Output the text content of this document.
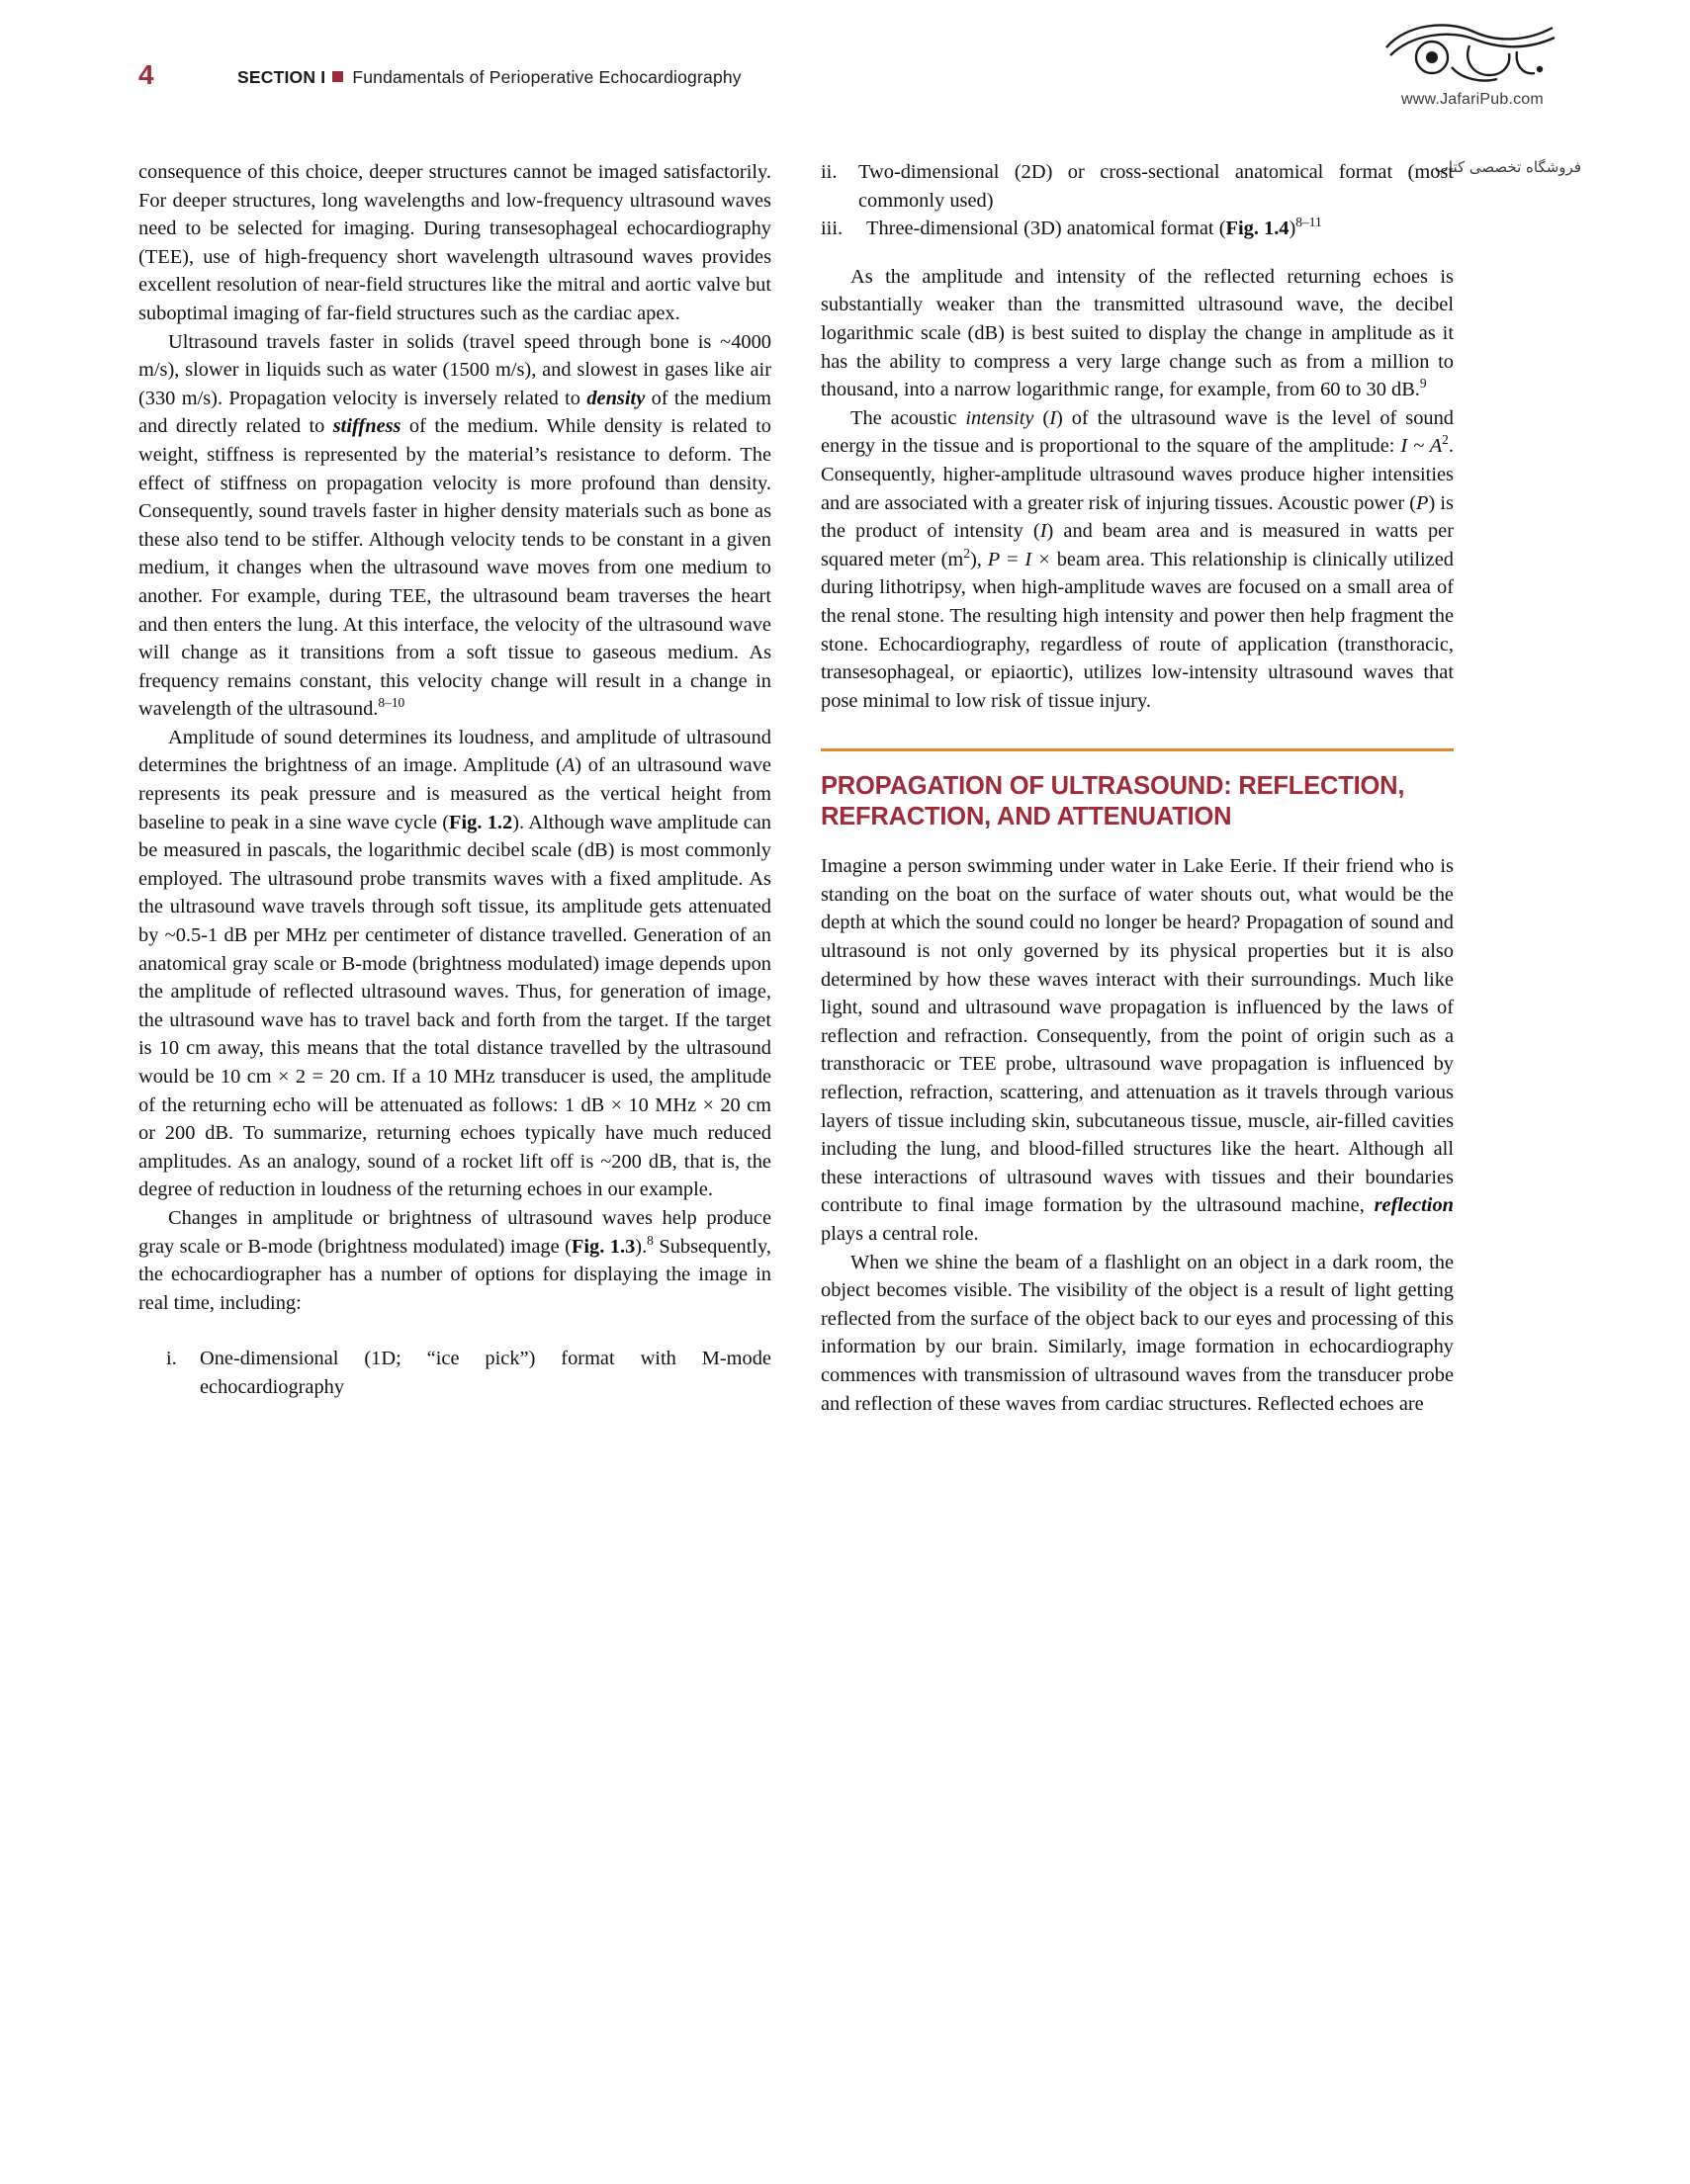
4	SECTION I Fundamentals of Perioperative Echocardiography
www.JafariPub.com
فروشگاه تخصصی کتاب

consequence of this choice, deeper structures cannot be imaged satisfactorily. For deeper structures, long wavelengths and low-frequency ultrasound waves need to be selected for imaging. During transesophageal echocardiography (TEE), use of high-frequency short wavelength ultrasound waves provides excellent resolution of near-field structures like the mitral and aortic valve but suboptimal imaging of far-field structures such as the cardiac apex.

Ultrasound travels faster in solids (travel speed through bone is ~4000 m/s), slower in liquids such as water (1500 m/s), and slowest in gases like air (330 m/s). Propagation velocity is inversely related to density of the medium and directly related to stiffness of the medium. While density is related to weight, stiffness is represented by the material’s resistance to deform. The effect of stiffness on propagation velocity is more profound than density. Consequently, sound travels faster in higher density materials such as bone as these also tend to be stiffer. Although velocity tends to be constant in a given medium, it changes when the ultrasound wave moves from one medium to another. For example, during TEE, the ultrasound beam traverses the heart and then enters the lung. At this interface, the velocity of the ultrasound wave will change as it transitions from a soft tissue to gaseous medium. As frequency remains constant, this velocity change will result in a change in wavelength of the ultrasound.$^{8-10}$

Amplitude of sound determines its loudness, and amplitude of ultrasound determines the brightness of an image. Amplitude (A) of an ultrasound wave represents its peak pressure and is measured as the vertical height from baseline to peak in a sine wave cycle (Fig. 1.2). Although wave amplitude can be measured in pascals, the logarithmic decibel scale (dB) is most commonly employed. The ultrasound probe transmits waves with a fixed amplitude. As the ultrasound wave travels through soft tissue, its amplitude gets attenuated by ~0.5-1 dB per MHz per centimeter of distance travelled. Generation of an anatomical gray scale or B-mode (brightness modulated) image depends upon the amplitude of reflected ultrasound waves. Thus, for generation of image, the ultrasound wave has to travel back and forth from the target. If the target is 10 cm away, this means that the total distance travelled by the ultrasound would be 10 cm × 2 = 20 cm. If a 10 MHz transducer is used, the amplitude of the returning echo will be attenuated as follows: 1 dB × 10 MHz × 20 cm or 200 dB. To summarize, returning echoes typically have much reduced amplitudes. As an analogy, sound of a rocket lift off is ~200 dB, that is, the degree of reduction in loudness of the returning echoes in our example.

Changes in amplitude or brightness of ultrasound waves help produce gray scale or B-mode (brightness modulated) image (Fig. 1.3).$^8$ Subsequently, the echocardiographer has a number of options for displaying the image in real time, including:

i.	One-dimensional (1D; “ice pick”) format with M-mode echocardiography
ii.	Two-dimensional (2D) or cross-sectional anatomical format (most commonly used)
iii.	Three-dimensional (3D) anatomical format (Fig. 1.4)$^{8-11}$

As the amplitude and intensity of the reflected returning echoes is substantially weaker than the transmitted ultrasound wave, the decibel logarithmic scale (dB) is best suited to display the change in amplitude as it has the ability to compress a very large change such as from a million to thousand, into a narrow logarithmic range, for example, from 60 to 30 dB.$^9$

The acoustic intensity (I) of the ultrasound wave is the level of sound energy in the tissue and is proportional to the square of the amplitude: I ~ $A^2$. Consequently, higher-amplitude ultrasound waves produce higher intensities and are associated with a greater risk of injuring tissues. Acoustic power (P) is the product of intensity (I) and beam area and is measured in watts per squared meter $(m^2)$, P = I × beam area. This relationship is clinically utilized during lithotripsy, when high-amplitude waves are focused on a small area of the renal stone. The resulting high intensity and power then help fragment the stone. Echocardiography, regardless of route of application (transthoracic, transesophageal, or epiaortic), utilizes low-intensity ultrasound waves that pose minimal to low risk of tissue injury.

PROPAGATION OF ULTRASOUND: REFLECTION, REFRACTION, AND ATTENUATION

Imagine a person swimming under water in Lake Eerie. If their friend who is standing on the boat on the surface of water shouts out, what would be the depth at which the sound could no longer be heard? Propagation of sound and ultrasound is not only governed by its physical properties but it is also determined by how these waves interact with their surroundings. Much like light, sound and ultrasound wave propagation is influenced by the laws of reflection and refraction. Consequently, from the point of origin such as a transthoracic or TEE probe, ultrasound wave propagation is influenced by reflection, refraction, scattering, and attenuation as it travels through various layers of tissue including skin, subcutaneous tissue, muscle, air-filled cavities including the lung, and blood-filled structures like the heart. Although all these interactions of ultrasound waves with tissues and their boundaries contribute to final image formation by the ultrasound machine, reflection plays a central role.

When we shine the beam of a flashlight on an object in a dark room, the object becomes visible. The visibility of the object is a result of light getting reflected from the surface of the object back to our eyes and processing of this information by our brain. Similarly, image formation in echocardiography commences with transmission of ultrasound waves from the transducer probe and reflection of these waves from cardiac structures. Reflected echoes are
